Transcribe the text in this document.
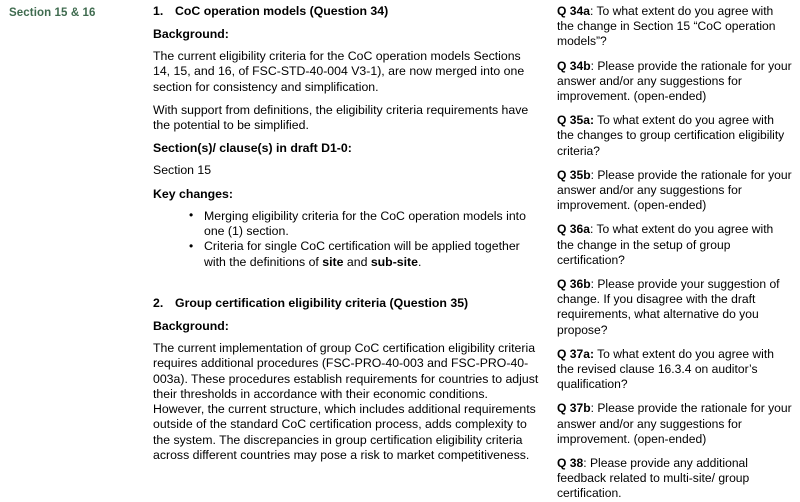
Section 15 & 16	1. CoC operation models (Question 34)
Background:

The current eligibility criteria for the CoC operation models Sections 14, 15, and 16, of FSC-STD-40-004 V3-1), are now merged into one section for consistency and simplification.

With support from definitions, the eligibility criteria requirements have the potential to be simplified.

Section(s)/ clause(s) in draft D1-0:
Section 15
Key changes:
• Merging eligibility criteria for the CoC operation models into one (1) section.
• Criteria for single CoC certification will be applied together with the definitions of site and sub-site.
2. Group certification eligibility criteria (Question 35)
Background:

The current implementation of group CoC certification eligibility criteria requires additional procedures (FSC-PRO-40-003 and FSC-PRO-40-003a). These procedures establish requirements for countries to adjust their thresholds in accordance with their economic conditions. However, the current structure, which includes additional requirements outside of the standard CoC certification process, adds complexity to the system. The discrepancies in group certification eligibility criteria across different countries may pose a risk to market competitiveness.

Q 34a: To what extent do you agree with the change in Section 15 “CoC operation models”?

Q 34b: Please provide the rationale for your answer and/or any suggestions for improvement. (open-ended)

Q 35a: To what extent do you agree with the changes to group certification eligibility criteria?

Q 35b: Please provide the rationale for your answer and/or any suggestions for improvement. (open-ended)

Q 36a: To what extent do you agree with the change in the setup of group certification?

Q 36b: Please provide your suggestion of change. If you disagree with the draft requirements, what alternative do you propose?

Q 37a: To what extent do you agree with the revised clause 16.3.4 on auditor’s qualification?

Q 37b: Please provide the rationale for your answer and/or any suggestions for improvement. (open-ended)

Q 38: Please provide any additional feedback related to multi-site/ group certification.
